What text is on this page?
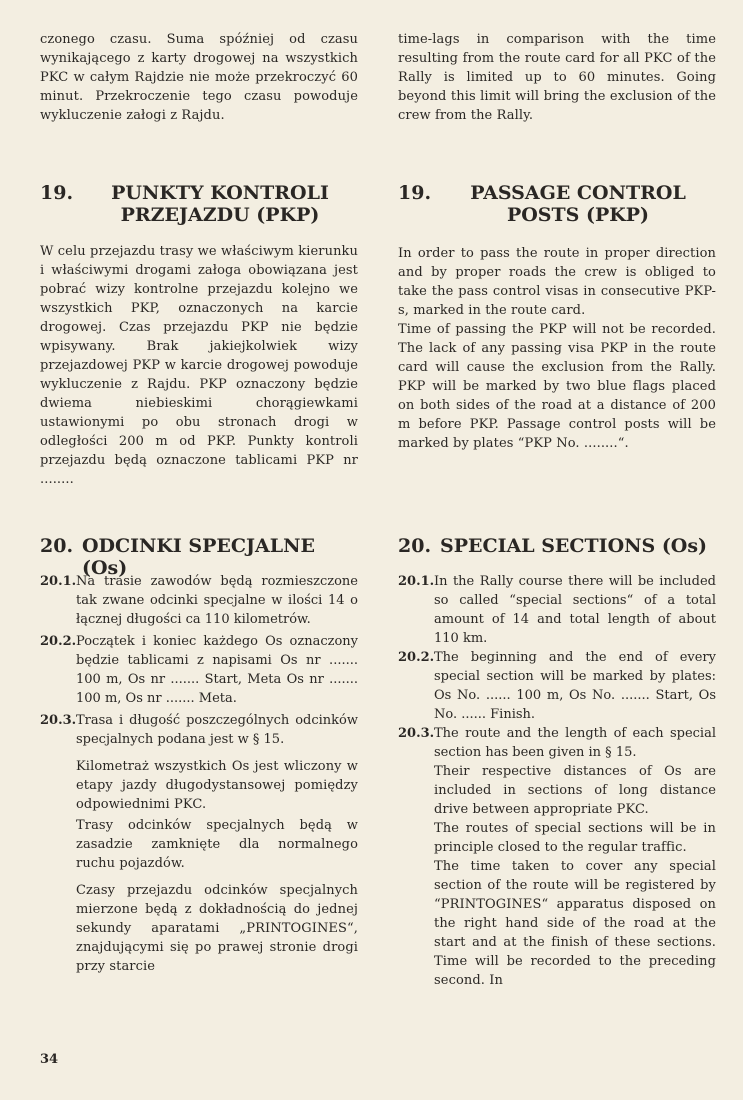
czonego czasu. Suma spóźniej od czasu wynikającego z karty drogowej na wszystkich PKC w całym Rajdzie nie może przekroczyć 60 minut. Przekroczenie tego czasu powoduje wykluczenie załogi z Rajdu.

19.	PUNKTY KONTROLI PRZEJAZDU (PKP)

W celu przejazdu trasy we właściwym kierunku i właściwymi drogami załoga obowiązana jest pobrać wizy kontrolne przejazdu kolejno we wszystkich PKP, oznaczonych na karcie drogowej. Czas przejazdu PKP nie będzie wpisywany. Brak jakiejkolwiek wizy przejazdowej PKP w karcie drogowej powoduje wykluczenie z Rajdu. PKP oznaczony będzie dwiema niebieskimi chorągiewkami ustawionymi po obu stronach drogi w odległości 200 m od PKP. Punkty kontroli przejazdu będą oznaczone tablicami PKP nr ........

20. ODCINKI SPECJALNE (Os)
20.1. Na trasie zawodów będą rozmieszczone tak zwane odcinki specjalne w ilości 14 o łącznej długości ca 110 kilometrów.
20.2. Początek i koniec każdego Os oznaczony będzie tablicami z napisami Os nr ....... 100 m, Os nr ....... Start, Meta Os nr ....... 100 m, Os nr ....... Meta.
20.3. Trasa i długość poszczególnych odcinków specjalnych podana jest w § 15.

Kilometraż wszystkich Os jest wliczony w etapy jazdy długodystansowej pomiędzy odpowiednimi PKC.

Trasy odcinków specjalnych będą w zasadzie zamknięte dla normalnego ruchu pojazdów.

Czasy przejazdu odcinków specjalnych mierzone będą z dokładnością do jednej sekundy aparatami „PRINTOGINES“, znajdującymi się po prawej stronie drogi przy starcie

time-lags in comparison with the time resulting from the route card for all PKC of the Rally is limited up to 60 minutes. Going beyond this limit will bring the exclusion of the crew from the Rally.

19.	PASSAGE CONTROL POSTS (PKP)

In order to pass the route in proper direction and by proper roads the crew is obliged to take the pass control visas in consecutive PKP-s, marked in the route card.

Time of passing the PKP will not be recorded. The lack of any passing visa PKP in the route card will cause the exclusion from the Rally. PKP will be marked by two blue flags placed on both sides of the road at a distance of 200 m before PKP. Passage control posts will be marked by plates “PKP No. ........“.

20. SPECIAL SECTIONS (Os)
20.1. In the Rally course there will be included so called “special sections“ of a total amount of 14 and total length of about 110 km.
20.2. The beginning and the end of every special section will be marked by plates: Os No. ...... 100 m, Os No. ....... Start, Os No. ...... Finish.
20.3. The route and the length of each special section has been given in § 15.

Their respective distances of Os are included in sections of long distance drive between appropriate PKC.

The routes of special sections will be in principle closed to the regular traffic.

The time taken to cover any special section of the route will be registered by “PRINTOGINES“ apparatus disposed on the right hand side of the road at the start and at the finish of these sections. Time will be recorded to the preceding second. In

34
